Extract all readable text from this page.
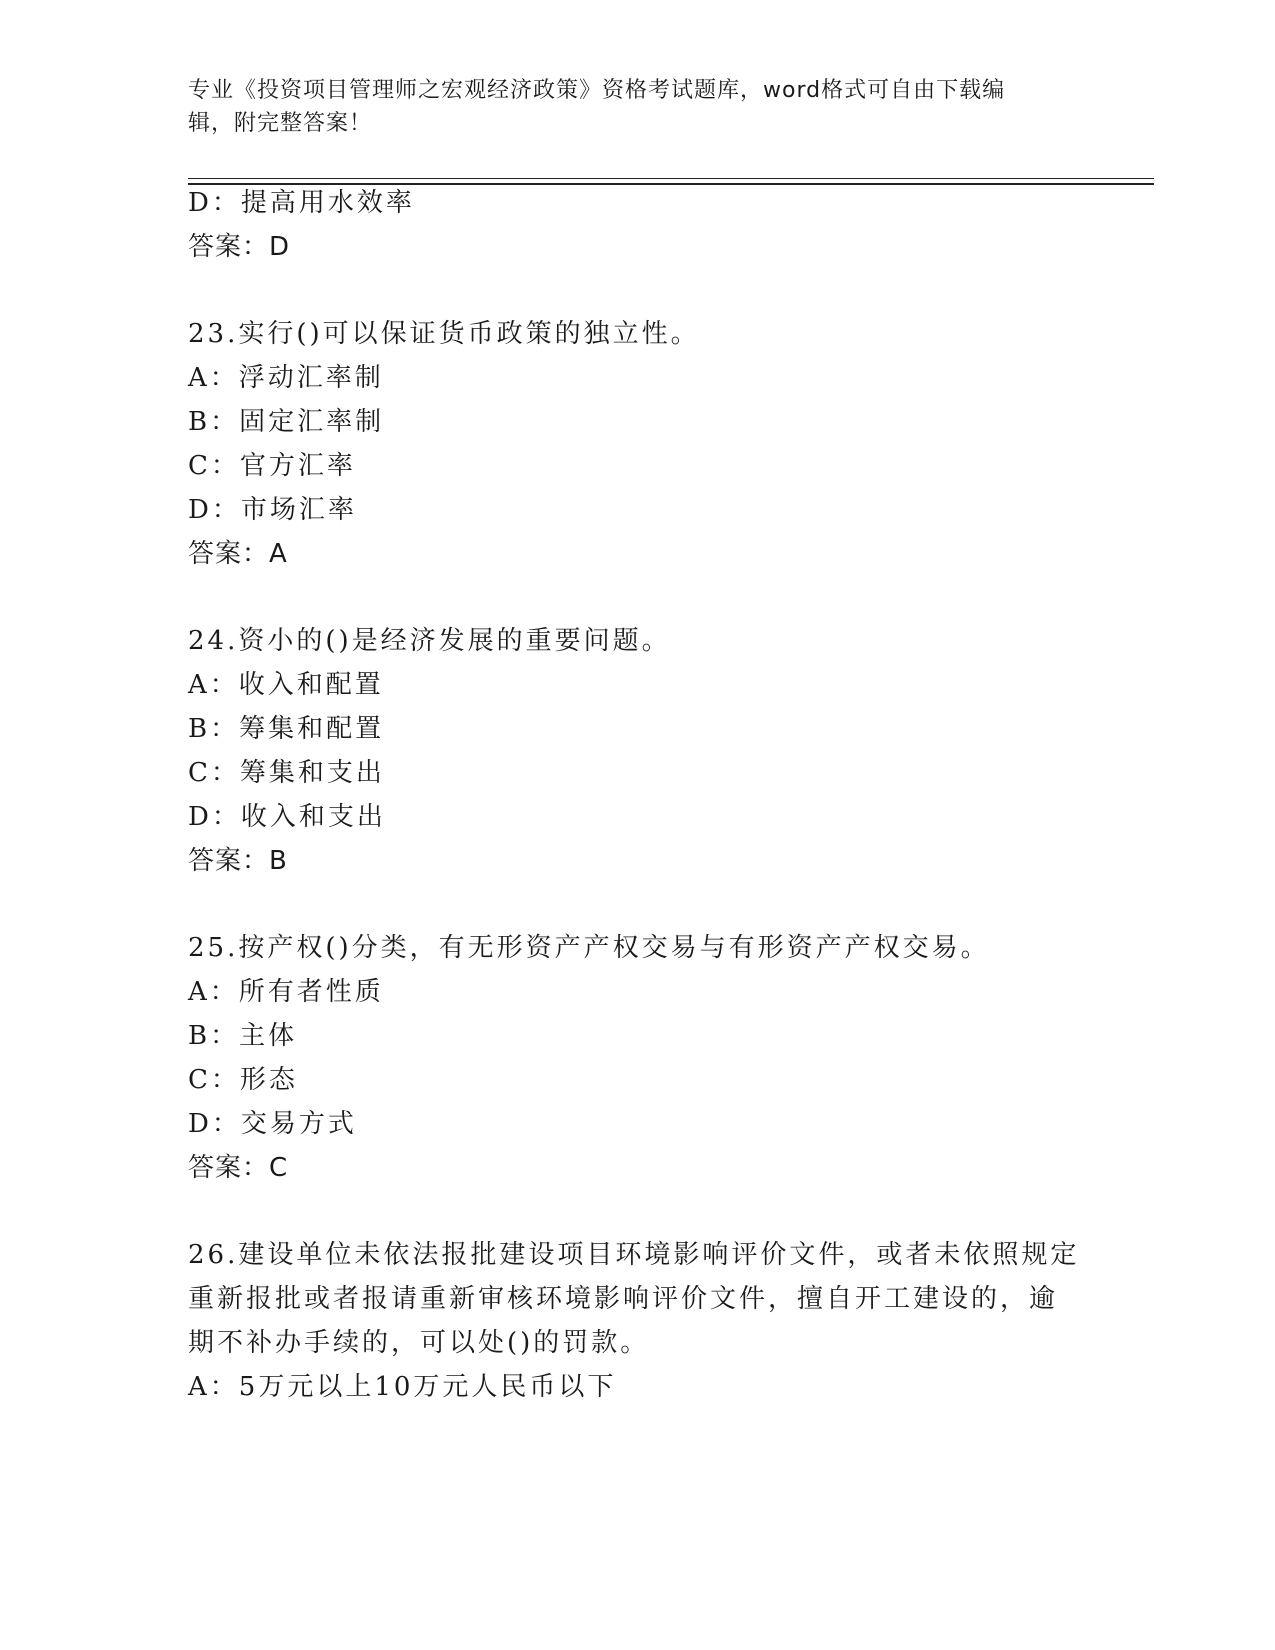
专业《投资项目管理师之宏观经济政策》资格考试题库，word格式可自由下载编
辑，附完整答案！
D：提高用水效率
答案：D
23.实行()可以保证货币政策的独立性。
A：浮动汇率制
B：固定汇率制
C：官方汇率
D：市场汇率
答案：A
24.资小的()是经济发展的重要问题。
A：收入和配置
B：筹集和配置
C：筹集和支出
D：收入和支出
答案：B
25.按产权()分类，有无形资产产权交易与有形资产产权交易。
A：所有者性质
B：主体
C：形态
D：交易方式
答案：C
26.建设单位未依法报批建设项目环境影响评价文件，或者未依照规定
重新报批或者报请重新审核环境影响评价文件，擅自开工建设的，逾
期不补办手续的，可以处()的罚款。
A：5万元以上10万元人民币以下
